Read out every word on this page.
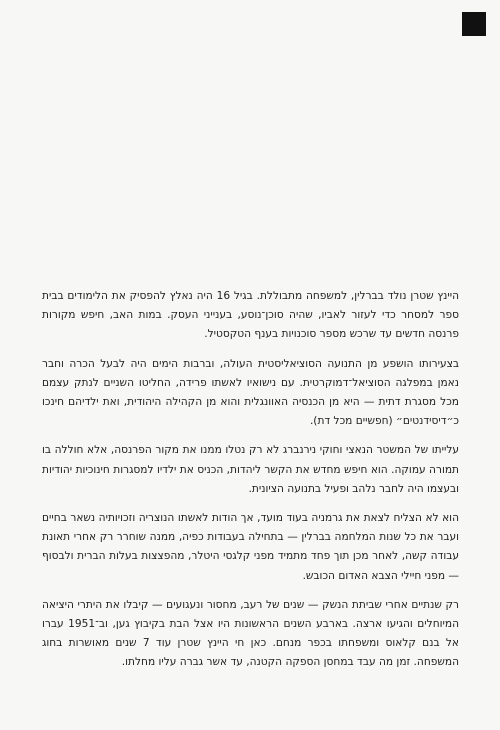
היינץ שטרן נולד בברלין, למשפחה מתבוללת. בגיל 16 היה נאלץ להפסיק את הלימודים בבית ספר למסחר כדי לעזור לאביו, שהיה סוכן־נוסע, בענייני העסק. במות האב, חיפש מקורות פרנסה חדשים עד שרכש מספר סוכנויות בענף הטקסטיל.

בצעירותו הושפע מן התנועה הסוציאליסטית העולה, וברבות הימים היה לבעל הכרה וחבר נאמן במפלגה הסוציאל־דמוקרטית. עם נישואיו לאשתו פרידה, החליטו השניים לנתק עצמם מכל מסגרת דתית — היא מן הכנסיה האוונגלית והוא מן הקהילה היהודית, ואת ילדיהם חינכו כ״דיסידנטים״ (חפשיים מכל דת).

עלייתו של המשטר הנאצי וחוקי נירנברג לא רק נטלו ממנו את מקור הפרנסה, אלא חוללה בו תמורה עמוקה. הוא חיפש מחדש את הקשר ליהדות, הכניס את ילדיו למסגרות חינוכיות יהודיות ובעצמו היה לחבר נלהב ופעיל בתנועה הציונית.

הוא לא הצליח לצאת את גרמניה בעוד מועד, אך הודות לאשתו הנוצריה וזכויותיה נשאר בחיים ועבר את כל שנות המלחמה בברלין — בתחילה בעבודות כפיה, ממנה שוחרר רק אחרי תאונת עבודה קשה, לאחר מכן תוך פחד מתמיד מפני קלגסי היטלר, מהפצצות בעלות הברית ולבסוף — מפני חיילי הצבא האדום הכובש.

רק שנתיים אחרי שביתת הנשק — שנים של רעב, מחסור ונעגועים — קיבלו את היתרי היציאה המיוחלים והגיעו ארצה. בארבע השנים הראשונות היו אצל הבת בקיבוץ גען, וב־1951 עברו אל בנם קלאוס ומשפחתו בכפר מנחם. כאן חי היינץ שטרן עוד 7 שנים מאושרות בחוג המשפחה. זמן מה עבד במחסן הספקה הקטנה, עד אשר גברה עליו מחלתו.
